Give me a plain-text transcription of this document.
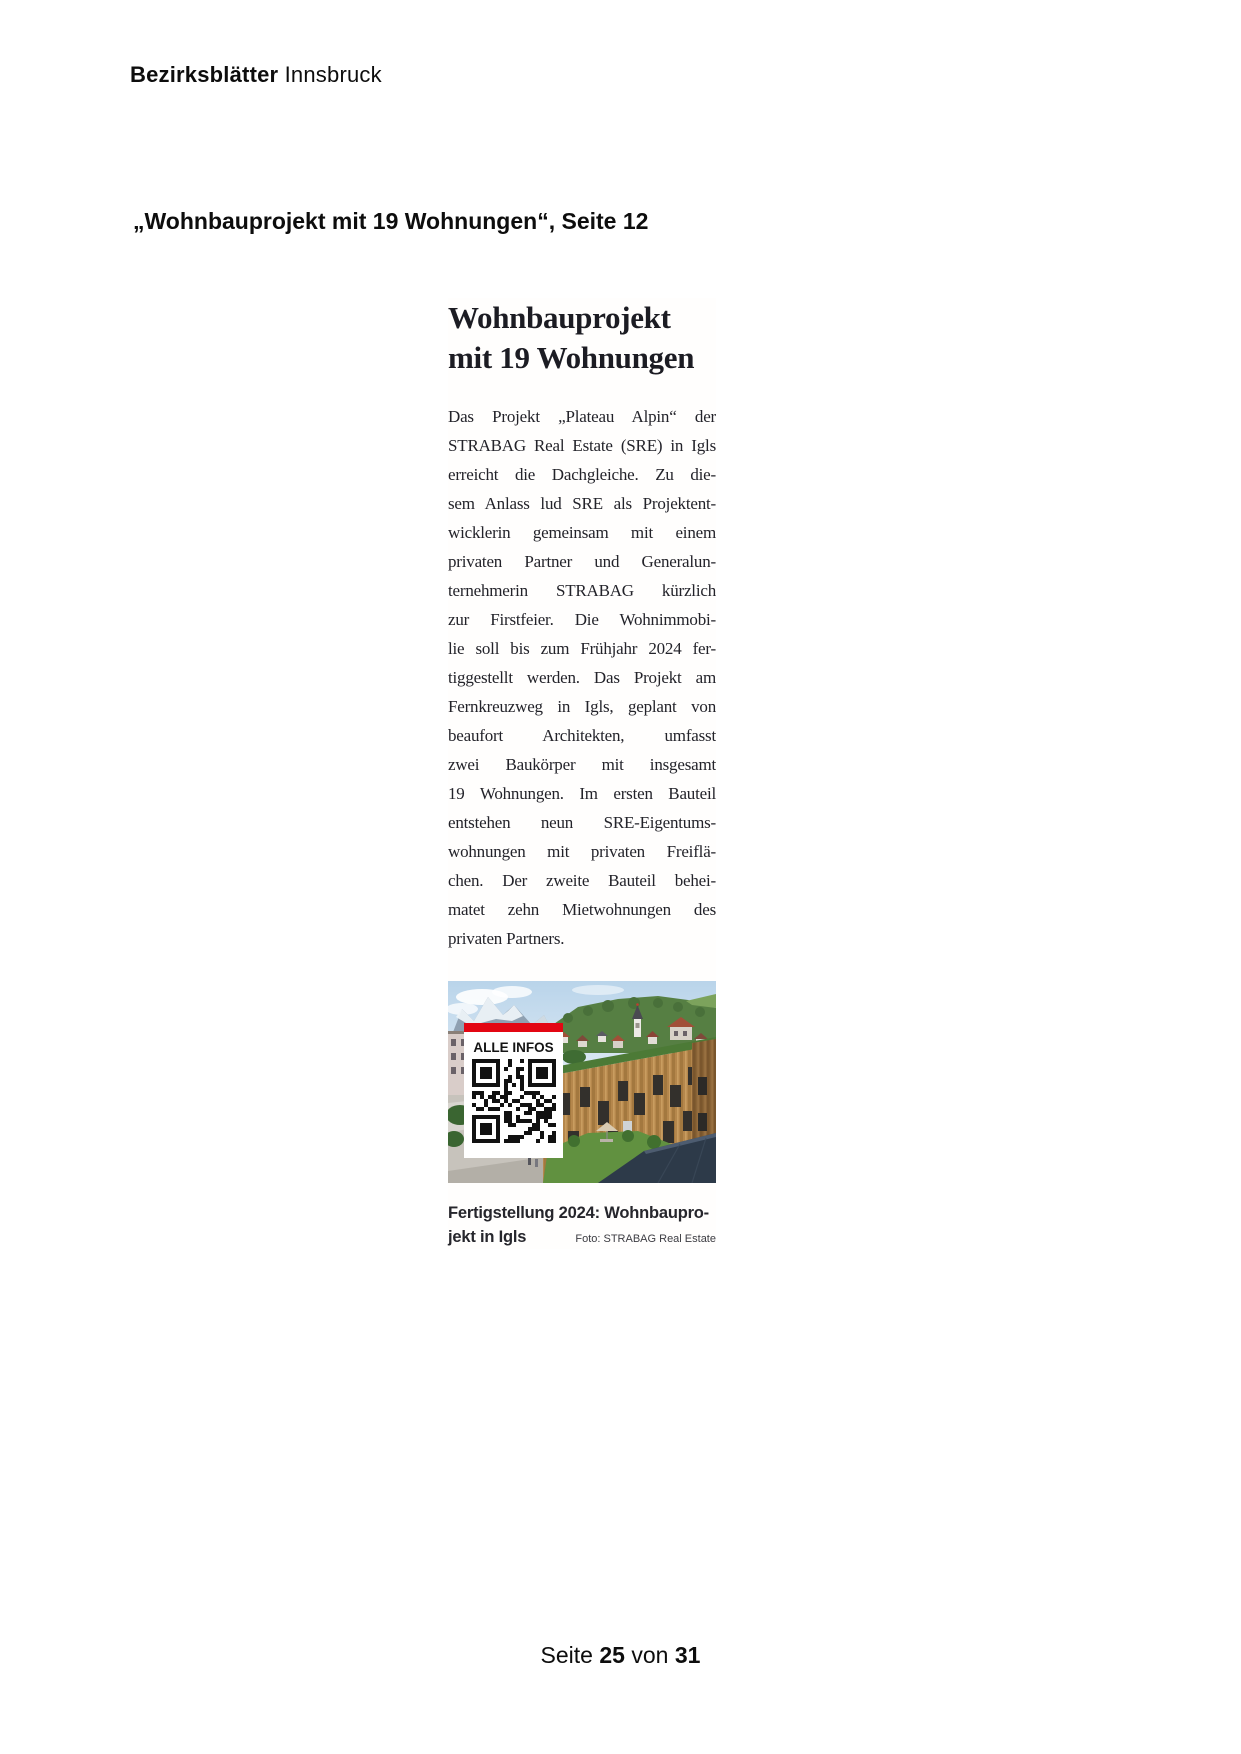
Bezirksblätter Innsbruck
„Wohnbauprojekt mit 19 Wohnungen“, Seite 12
Wohnbauprojekt
mit 19 Wohnungen
Das Projekt „Plateau Alpin“ der
STRABAG Real Estate (SRE) in Igls
erreicht die Dachgleiche. Zu die-
sem Anlass lud SRE als Projektent-
wicklerin gemeinsam mit einem
privaten Partner und Generalun-
ternehmerin STRABAG kürzlich
zur Firstfeier. Die Wohnimmobi-
lie soll bis zum Frühjahr 2024 fer-
tiggestellt werden. Das Projekt am
Fernkreuzweg in Igls, geplant von
beaufort Architekten, umfasst
zwei Baukörper mit insgesamt
19 Wohnungen. Im ersten Bauteil
entstehen neun SRE-Eigentums-
wohnungen mit privaten Freiflä-
chen. Der zweite Bauteil behei-
matet zehn Mietwohnungen des
privaten Partners.
ALLE INFOS
Fertigstellung 2024: Wohnbaupro-
jekt in Igls	Foto: STRABAG Real Estate
Seite 25 von 31
